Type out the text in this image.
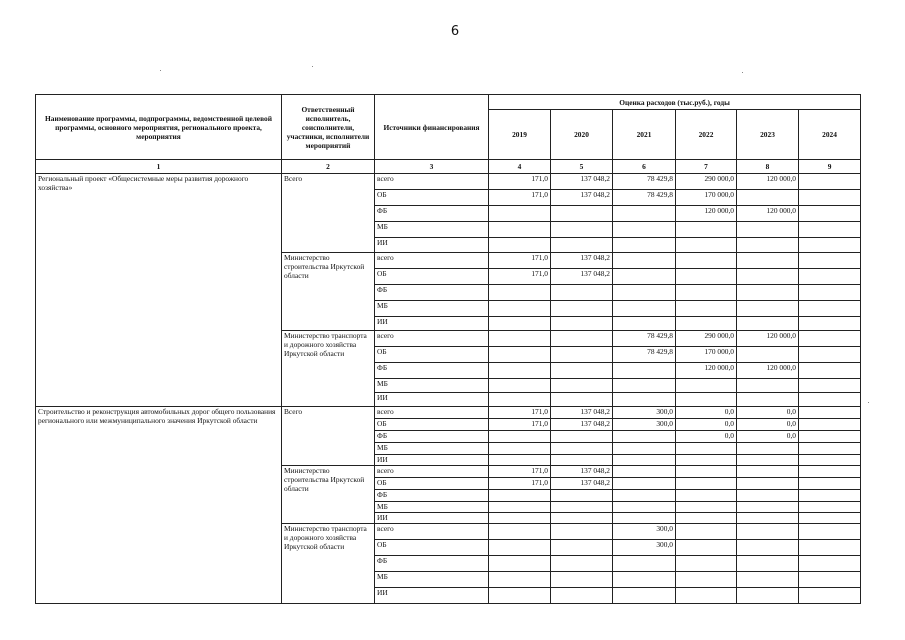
6
Наименование программы, подпрограммы, ведомственной целевой программы, основного мероприятия, регионального проекта, мероприятия	Ответственный исполнитель, соисполнители, участники, исполнители мероприятий	Источники финансирования	Оценка расходов (тыс.руб.), годы					
			2019	2020	2021	2022	2023	2024
1	2	3	4	5	6	7	8	9
Региональный проект «Общесистемные меры развития дорожного хозяйства»	Всего	всего	171,0	137 048,2	78 429,8	290 000,0	120 000,0	
		ОБ	171,0	137 048,2	78 429,8	170 000,0		
		ФБ				120 000,0	120 000,0	
		МБ						
		ИИ						
	Министерство строительства Иркутской области	всего	171,0	137 048,2				
		ОБ	171,0	137 048,2				
		ФБ						
		МБ						
		ИИ						
	Министерство транспорта и дорожного хозяйства Иркутской области	всего			78 429,8	290 000,0	120 000,0	
		ОБ			78 429,8	170 000,0		
		ФБ				120 000,0	120 000,0	
		МБ						
		ИИ						
Строительство и реконструкция автомобильных дорог общего пользования регионального или межмуниципального значения Иркутской области	Всего	всего	171,0	137 048,2	300,0	0,0	0,0	
		ОБ	171,0	137 048,2	300,0	0,0	0,0	
		ФБ				0,0	0,0	
		МБ						
		ИИ						
	Министерство строительства Иркутской области	всего	171,0	137 048,2				
		ОБ	171,0	137 048,2				
		ФБ						
		МБ						
		ИИ						
	Министерство транспорта и дорожного хозяйства Иркутской области	всего			300,0			
		ОБ			300,0			
		ФБ						
		МБ						
		ИИ						
